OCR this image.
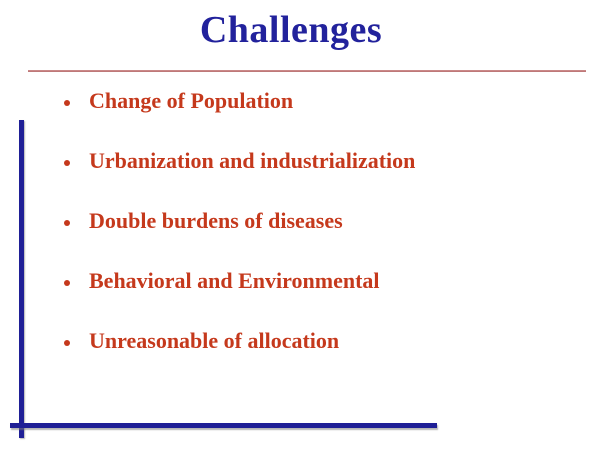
Challenges
Change of Population
Urbanization and industrialization
Double burdens of diseases
Behavioral and Environmental
Unreasonable of allocation
